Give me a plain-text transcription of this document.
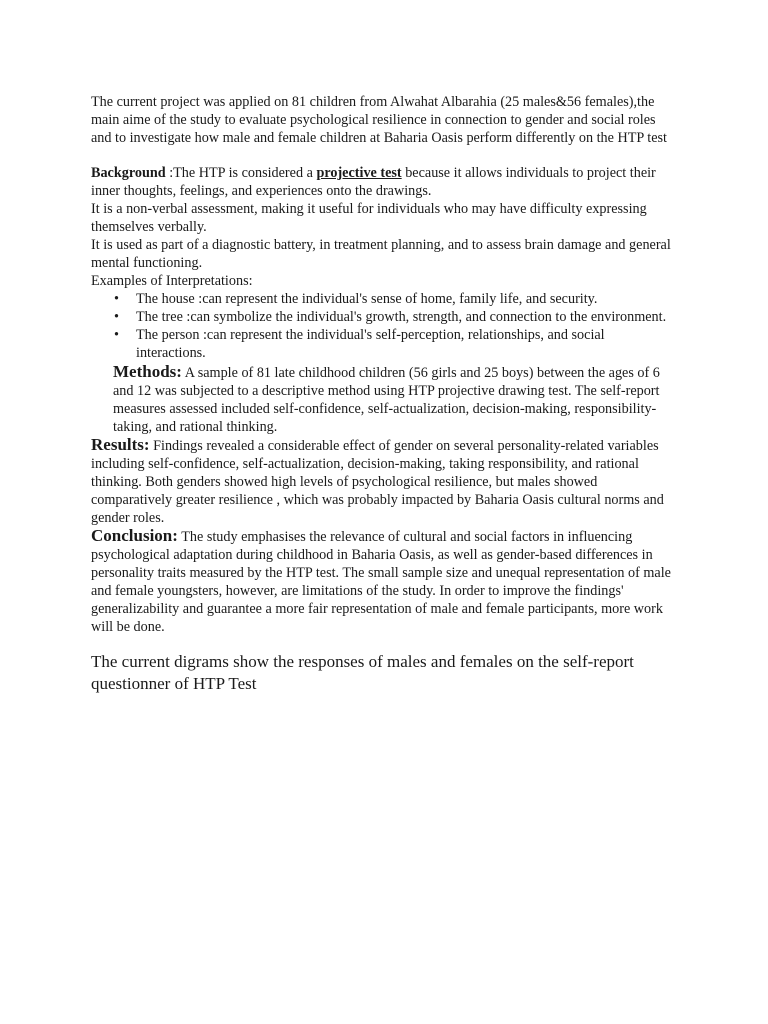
The current project was applied on 81 children from Alwahat Albarahia (25 males&56 females),the main aime of the study to evaluate psychological resilience in connection to gender and social roles and to investigate how male and female children at Baharia Oasis perform differently on the HTP test

Background :The HTP is considered a projective test because it allows individuals to project their inner thoughts, feelings, and experiences onto the drawings.

It is a non-verbal assessment, making it useful for individuals who may have difficulty expressing themselves verbally.

It is used as part of a diagnostic battery, in treatment planning, and to assess brain damage and general mental functioning.

Examples of Interpretations:

• The house :can represent the individual's sense of home, family life, and security.
• The tree :can symbolize the individual's growth, strength, and connection to the environment.
• The person :can represent the individual's self-perception, relationships, and social interactions.

Methods: A sample of 81 late childhood children (56 girls and 25 boys) between the ages of 6 and 12 was subjected to a descriptive method using HTP projective drawing test. The self-report measures assessed included self-confidence, self-actualization, decision-making, responsibility-taking, and rational thinking.

Results: Findings revealed a considerable effect of gender on several personality-related variables including self-confidence, self-actualization, decision-making, taking responsibility, and rational thinking. Both genders showed high levels of psychological resilience, but males showed comparatively greater resilience , which was probably impacted by Baharia Oasis cultural norms and gender roles.

Conclusion: The study emphasises the relevance of cultural and social factors in influencing psychological adaptation during childhood in Baharia Oasis, as well as gender-based differences in personality traits measured by the HTP test. The small sample size and unequal representation of male and female youngsters, however, are limitations of the study. In order to improve the findings' generalizability and guarantee a more fair representation of male and female participants, more work will be done.

The current digrams show the responses of males and females on the self-report questionner of HTP Test
